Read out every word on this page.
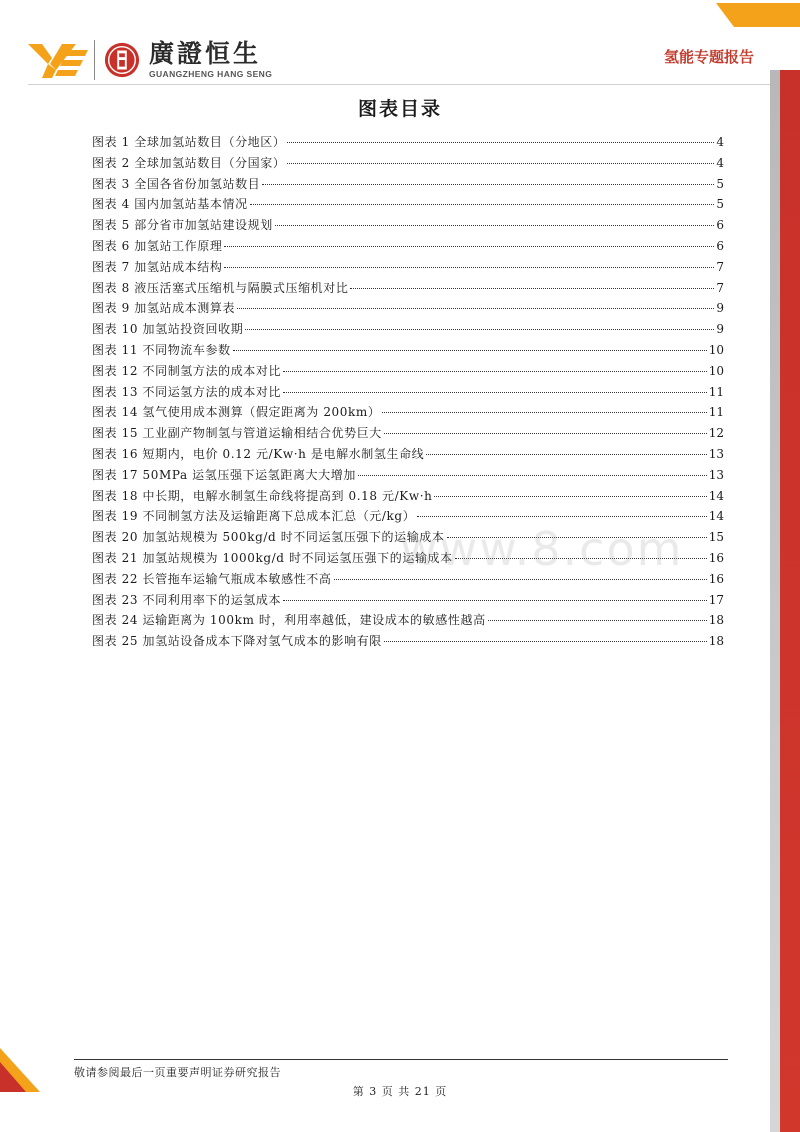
廣證恒生
GUANGZHENG HANG SENG
氢能专题报告
图表目录
图表 1 全球加氢站数目（分地区）	4
图表 2 全球加氢站数目（分国家）	4
图表 3 全国各省份加氢站数目	5
图表 4 国内加氢站基本情况	5
图表 5 部分省市加氢站建设规划	6
图表 6 加氢站工作原理	6
图表 7 加氢站成本结构	7
图表 8 液压活塞式压缩机与隔膜式压缩机对比	7
图表 9 加氢站成本测算表	9
图表 10 加氢站投资回收期	9
图表 11 不同物流车参数	10
图表 12 不同制氢方法的成本对比	10
图表 13 不同运氢方法的成本对比	11
图表 14 氢气使用成本测算（假定距离为 200km）	11
图表 15 工业副产物制氢与管道运输相结合优势巨大	12
图表 16 短期内，电价 0.12 元/Kw·h 是电解水制氢生命线	13
图表 17 50MPa 运氢压强下运氢距离大大增加	13
图表 18 中长期，电解水制氢生命线将提高到 0.18 元/Kw·h	14
图表 19 不同制氢方法及运输距离下总成本汇总（元/kg）	14
图表 20 加氢站规模为 500kg/d 时不同运氢压强下的运输成本	15
图表 21 加氢站规模为 1000kg/d 时不同运氢压强下的运输成本	16
图表 22 长管拖车运输气瓶成本敏感性不高	16
图表 23 不同利用率下的运氢成本	17
图表 24 运输距离为 100km 时，利用率越低，建设成本的敏感性越高	18
图表 25 加氢站设备成本下降对氢气成本的影响有限	18
www.8.com
敬请参阅最后一页重要声明证券研究报告
第 3 页 共 21 页
